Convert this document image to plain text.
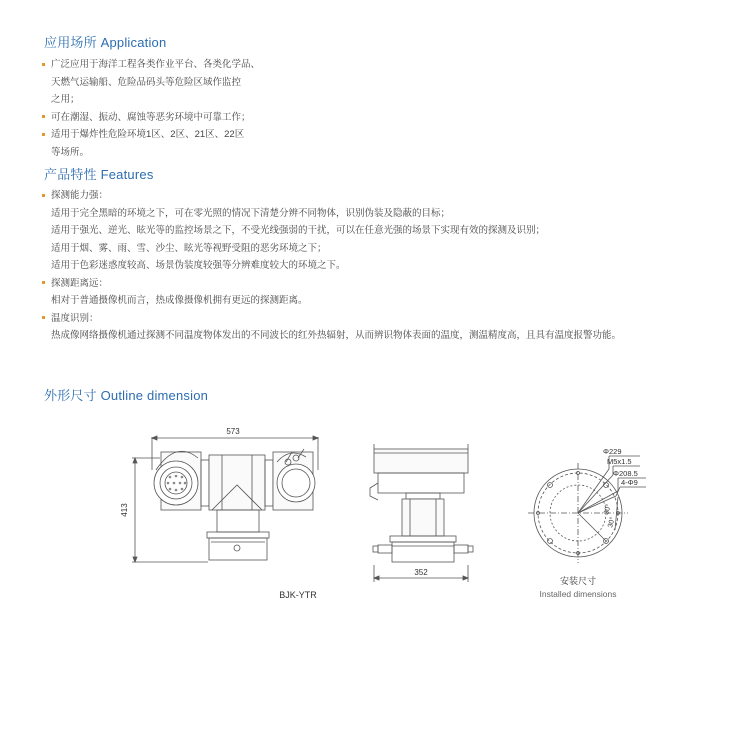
应用场所 Application
广泛应用于海洋工程各类作业平台、各类化学品、
天燃气运输船、危险品码头等危险区域作监控
之用；
可在潮湿、振动、腐蚀等恶劣环境中可靠工作；
适用于爆炸性危险环境1区、2区、21区、22区
等场所。
产品特性 Features
探测能力强：
适用于完全黑暗的环境之下，可在零光照的情况下清楚分辨不同物体，识别伪装及隐蔽的目标；
适用于强光、逆光、眩光等的监控场景之下，不受光线强弱的干扰，可以在任意光强的场景下实现有效的探测及识别；
适用于烟、雾、雨、雪、沙尘、眩光等视野受阻的恶劣环境之下；
适用于色彩迷惑度较高、场景伪装度较强等分辨难度较大的环境之下。
探测距离远：
相对于普通摄像机而言，热成像摄像机拥有更远的探测距离。
温度识别：
热成像网络摄像机通过探测不同温度物体发出的不同波长的红外热辐射，从而辨识物体表面的温度，测温精度高，且具有温度报警功能。
外形尺寸 Outline dimension
573
413
352
Φ229
M5x1.5
Φ208.5
4-Φ9
30°
30°
BJK-YTR
安装尺寸
Installed dimensions
